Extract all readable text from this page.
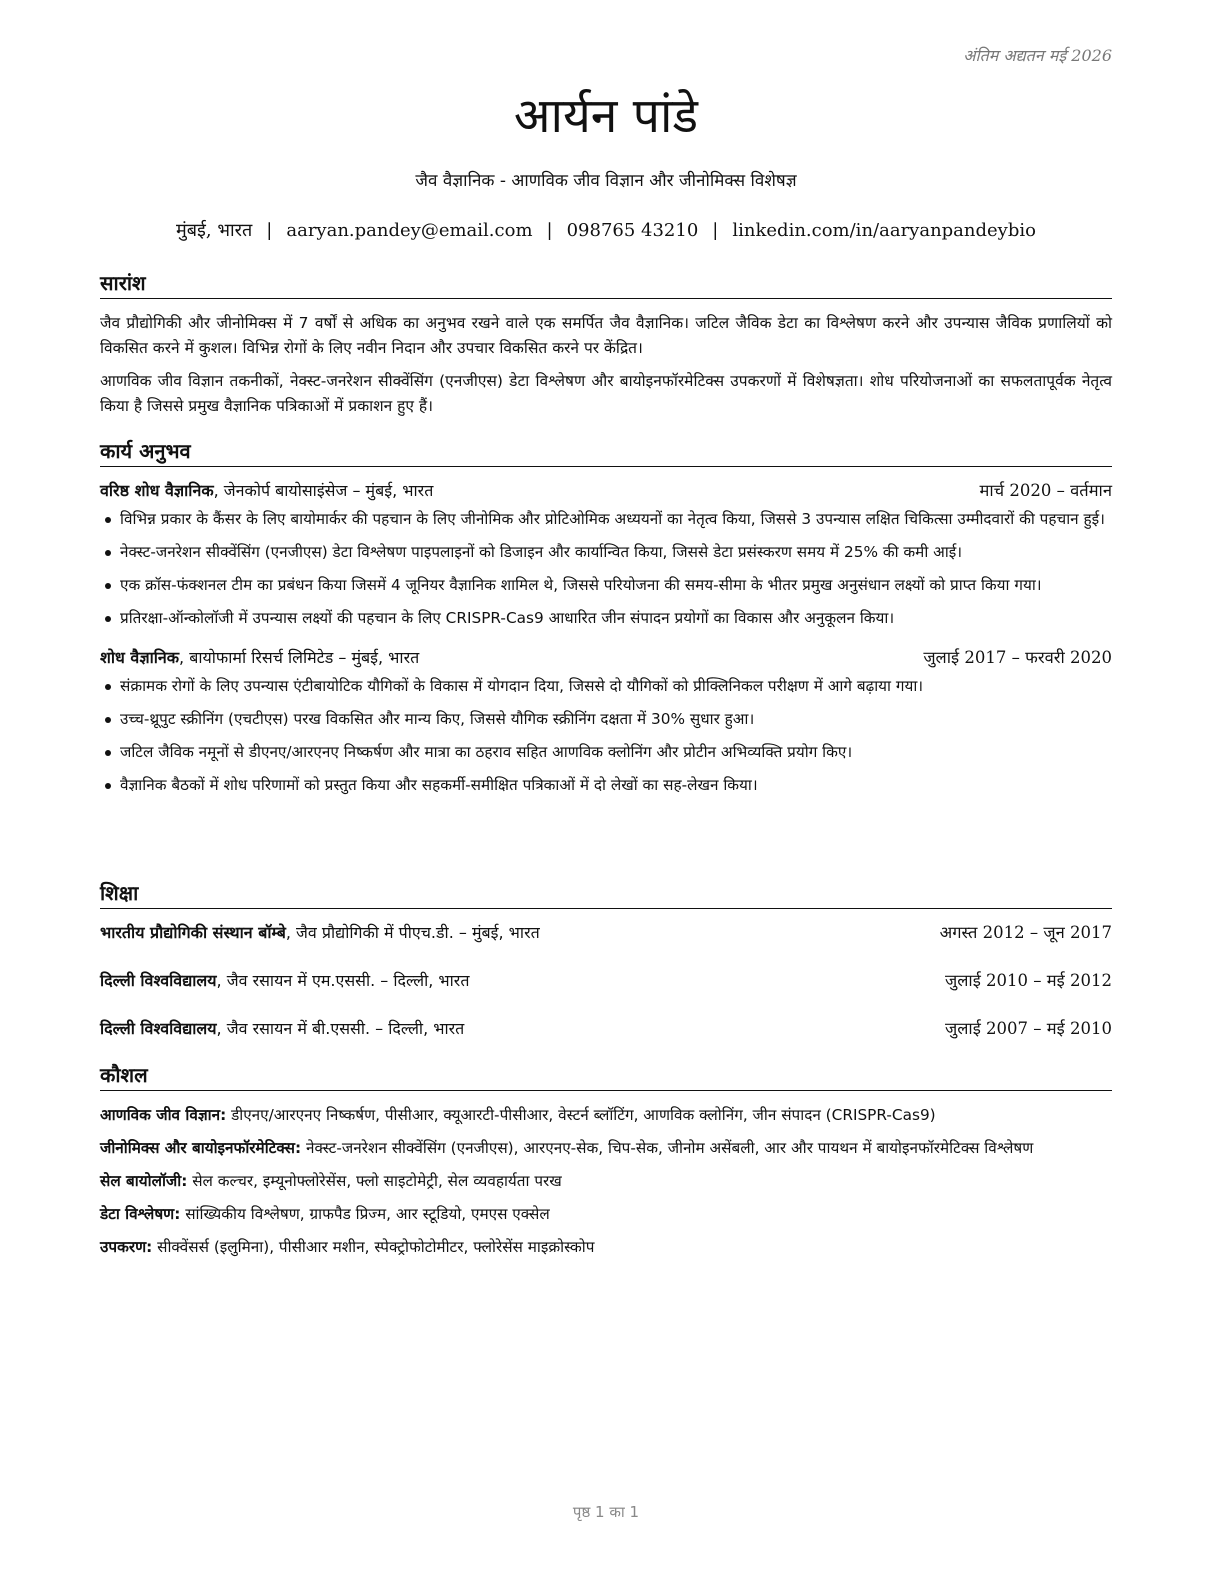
अंतिम अद्यतन मई 2026
आर्यन पांडे
जैव वैज्ञानिक - आणविक जीव विज्ञान और जीनोमिक्स विशेषज्ञ
मुंबई, भारत | aaryan.pandey@email.com | 098765 43210 | linkedin.com/in/aaryanpandeybio
सारांश

जैव प्रौद्योगिकी और जीनोमिक्स में 7 वर्षों से अधिक का अनुभव रखने वाले एक समर्पित जैव वैज्ञानिक। जटिल जैविक डेटा का विश्लेषण करने और उपन्यास जैविक प्रणालियों को विकसित करने में कुशल। विभिन्न रोगों के लिए नवीन निदान और उपचार विकसित करने पर केंद्रित।

आणविक जीव विज्ञान तकनीकों, नेक्स्ट-जनरेशन सीक्वेंसिंग (एनजीएस) डेटा विश्लेषण और बायोइनफॉरमेटिक्स उपकरणों में विशेषज्ञता। शोध परियोजनाओं का सफलतापूर्वक नेतृत्व किया है जिससे प्रमुख वैज्ञानिक पत्रिकाओं में प्रकाशन हुए हैं।

कार्य अनुभव
वरिष्ठ शोध वैज्ञानिक, जेनकोर्प बायोसाइंसेज – मुंबई, भारत	मार्च 2020 – वर्तमान
विभिन्न प्रकार के कैंसर के लिए बायोमार्कर की पहचान के लिए जीनोमिक और प्रोटिओमिक अध्ययनों का नेतृत्व किया, जिससे 3 उपन्यास लक्षित चिकित्सा उम्मीदवारों की पहचान हुई।
नेक्स्ट-जनरेशन सीक्वेंसिंग (एनजीएस) डेटा विश्लेषण पाइपलाइनों को डिजाइन और कार्यान्वित किया, जिससे डेटा प्रसंस्करण समय में 25% की कमी आई।
एक क्रॉस-फंक्शनल टीम का प्रबंधन किया जिसमें 4 जूनियर वैज्ञानिक शामिल थे, जिससे परियोजना की समय-सीमा के भीतर प्रमुख अनुसंधान लक्ष्यों को प्राप्त किया गया।
प्रतिरक्षा-ऑन्कोलॉजी में उपन्यास लक्ष्यों की पहचान के लिए CRISPR-Cas9 आधारित जीन संपादन प्रयोगों का विकास और अनुकूलन किया।
शोध वैज्ञानिक, बायोफार्मा रिसर्च लिमिटेड – मुंबई, भारत	जुलाई 2017 – फरवरी 2020
संक्रामक रोगों के लिए उपन्यास एंटीबायोटिक यौगिकों के विकास में योगदान दिया, जिससे दो यौगिकों को प्रीक्लिनिकल परीक्षण में आगे बढ़ाया गया।
उच्च-थ्रूपुट स्क्रीनिंग (एचटीएस) परख विकसित और मान्य किए, जिससे यौगिक स्क्रीनिंग दक्षता में 30% सुधार हुआ।
जटिल जैविक नमूनों से डीएनए/आरएनए निष्कर्षण और मात्रा का ठहराव सहित आणविक क्लोनिंग और प्रोटीन अभिव्यक्ति प्रयोग किए।
वैज्ञानिक बैठकों में शोध परिणामों को प्रस्तुत किया और सहकर्मी-समीक्षित पत्रिकाओं में दो लेखों का सह-लेखन किया।
शिक्षा
भारतीय प्रौद्योगिकी संस्थान बॉम्बे, जैव प्रौद्योगिकी में पीएच.डी. – मुंबई, भारत	अगस्त 2012 – जून 2017
दिल्ली विश्वविद्यालय, जैव रसायन में एम.एससी. – दिल्ली, भारत	जुलाई 2010 – मई 2012
दिल्ली विश्वविद्यालय, जैव रसायन में बी.एससी. – दिल्ली, भारत	जुलाई 2007 – मई 2010
कौशल
आणविक जीव विज्ञान: डीएनए/आरएनए निष्कर्षण, पीसीआर, क्यूआरटी-पीसीआर, वेस्टर्न ब्लॉटिंग, आणविक क्लोनिंग, जीन संपादन (CRISPR-Cas9)
जीनोमिक्स और बायोइनफॉरमेटिक्स: नेक्स्ट-जनरेशन सीक्वेंसिंग (एनजीएस), आरएनए-सेक, चिप-सेक, जीनोम असेंबली, आर और पायथन में बायोइनफॉरमेटिक्स विश्लेषण
सेल बायोलॉजी: सेल कल्चर, इम्यूनोफ्लोरेसेंस, फ्लो साइटोमेट्री, सेल व्यवहार्यता परख
डेटा विश्लेषण: सांख्यिकीय विश्लेषण, ग्राफपैड प्रिज्म, आर स्टूडियो, एमएस एक्सेल
उपकरण: सीक्वेंसर्स (इलुमिना), पीसीआर मशीन, स्पेक्ट्रोफोटोमीटर, फ्लोरेसेंस माइक्रोस्कोप
पृष्ठ 1 का 1
